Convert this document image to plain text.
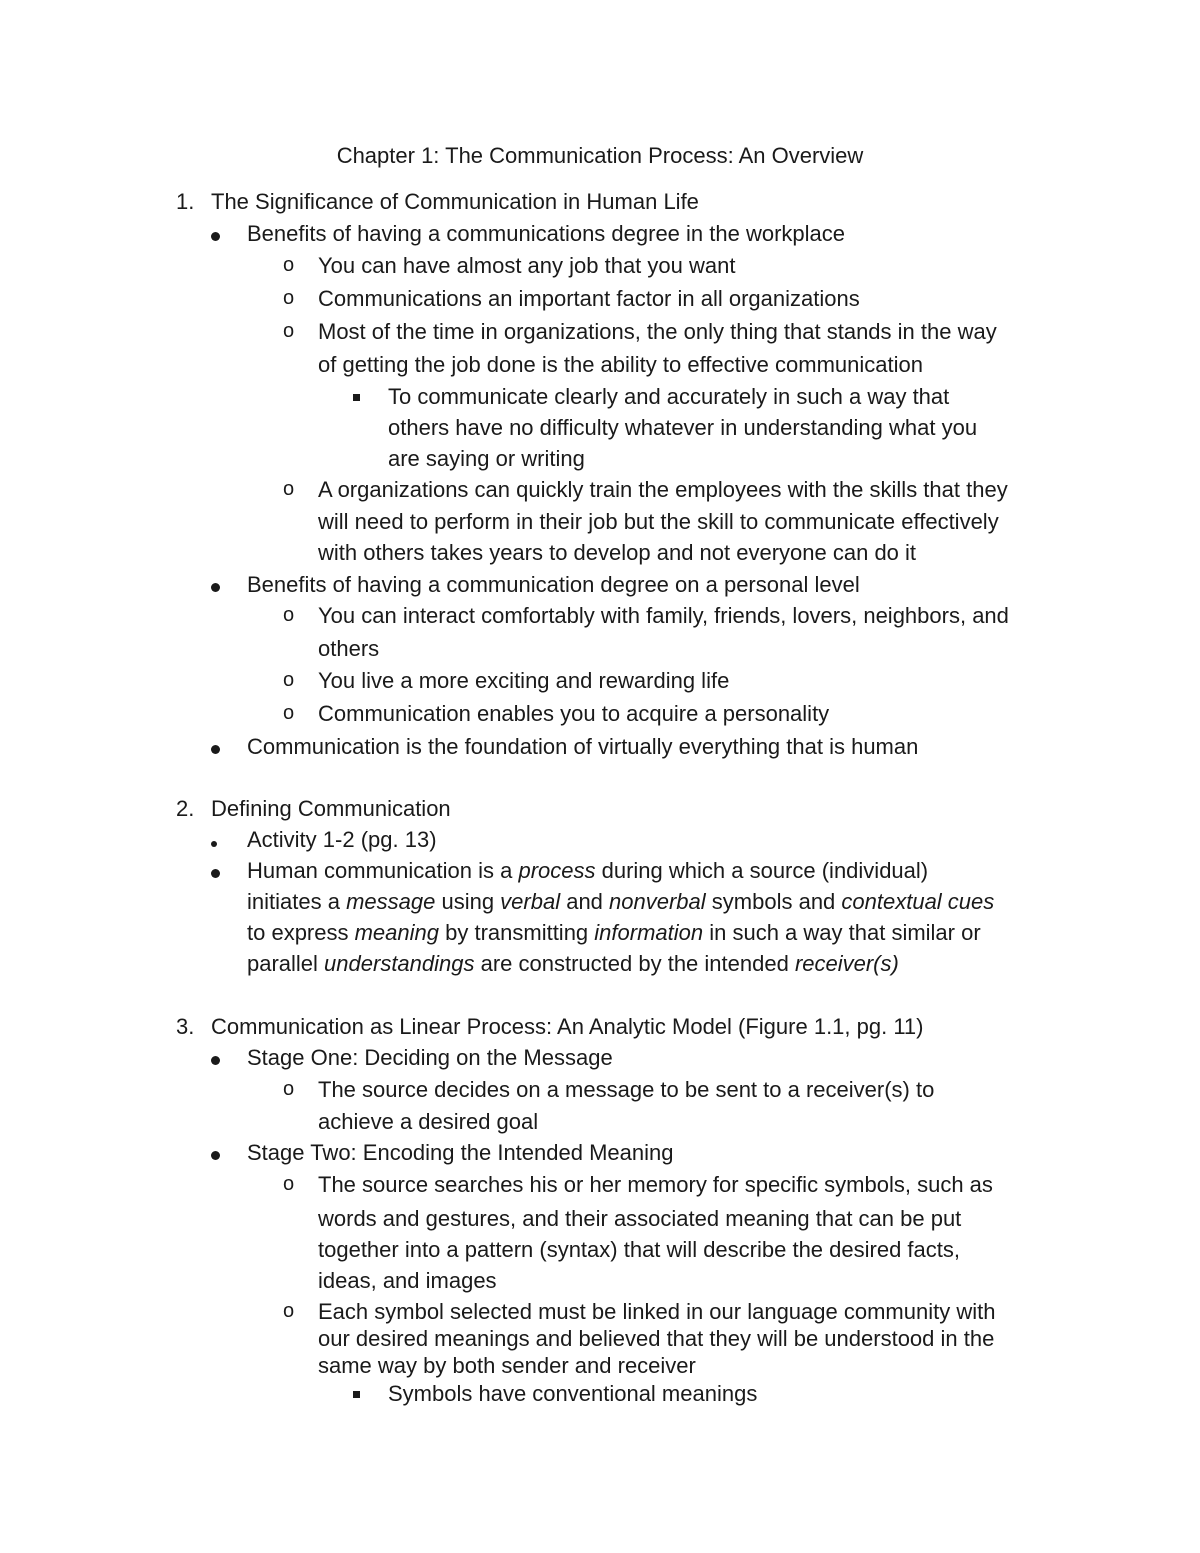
Chapter 1: The Communication Process: An Overview

1. The Significance of Communication in Human Life
Benefits of having a communications degree in the workplace
o You can have almost any job that you want
o Communications an important factor in all organizations
o Most of the time in organizations, the only thing that stands in the way
of getting the job done is the ability to effective communication
To communicate clearly and accurately in such a way that
others have no difficulty whatever in understanding what you
are saying or writing
o A organizations can quickly train the employees with the skills that they
will need to perform in their job but the skill to communicate effectively
with others takes years to develop and not everyone can do it
Benefits of having a communication degree on a personal level
o You can interact comfortably with family, friends, lovers, neighbors, and
others
o You live a more exciting and rewarding life
o Communication enables you to acquire a personality
Communication is the foundation of virtually everything that is human
2. Defining Communication
Activity 1-2 (pg. 13)
Human communication is a process during which a source (individual)
initiates a message using verbal and nonverbal symbols and contextual cues
to express meaning by transmitting information in such a way that similar or
parallel understandings are constructed by the intended receiver(s)
3. Communication as Linear Process: An Analytic Model (Figure 1.1, pg. 11)
Stage One: Deciding on the Message
o The source decides on a message to be sent to a receiver(s) to
achieve a desired goal
Stage Two: Encoding the Intended Meaning
o The source searches his or her memory for specific symbols, such as
words and gestures, and their associated meaning that can be put
together into a pattern (syntax) that will describe the desired facts,
ideas, and images
o Each symbol selected must be linked in our language community with
our desired meanings and believed that they will be understood in the
same way by both sender and receiver
Symbols have conventional meanings
